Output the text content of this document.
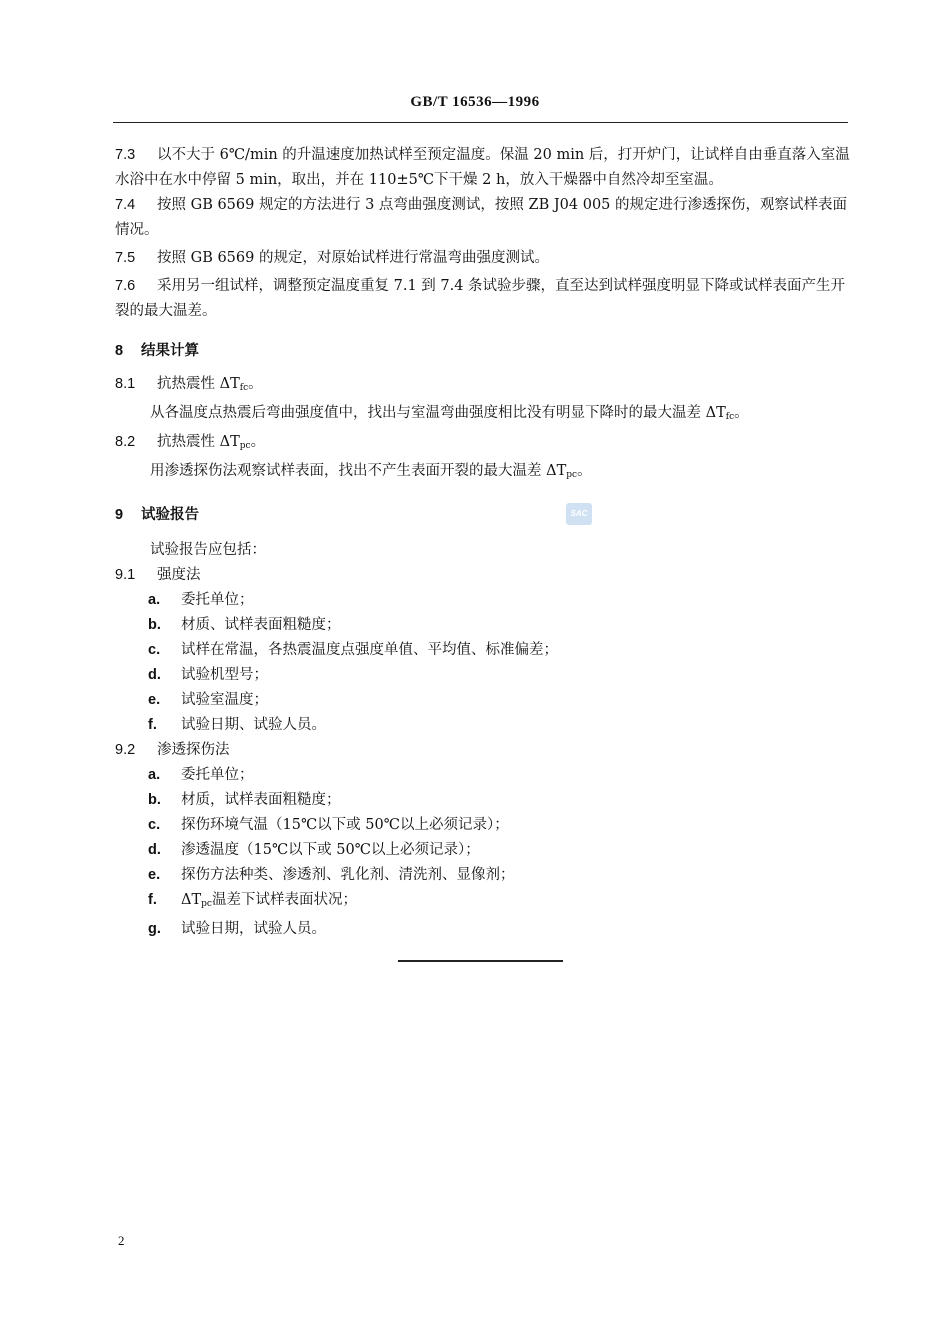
GB/T 16536—1996
7.3 以不大于 6℃/min 的升温速度加热试样至预定温度。保温 20 min 后，打开炉门，让试样自由垂直落入室温水浴中在水中停留 5 min，取出，并在 110±5℃下干燥 2 h，放入干燥器中自然冷却至室温。
7.4 按照 GB 6569 规定的方法进行 3 点弯曲强度测试，按照 ZB J04 005 的规定进行渗透探伤，观察试样表面情况。
7.5 按照 GB 6569 的规定，对原始试样进行常温弯曲强度测试。
7.6 采用另一组试样，调整预定温度重复 7.1 到 7.4 条试验步骤，直至达到试样强度明显下降或试样表面产生开裂的最大温差。
8 结果计算
8.1 抗热震性 $\Delta T_{fc}$。
从各温度点热震后弯曲强度值中，找出与室温弯曲强度相比没有明显下降时的最大温差 $\Delta T_{fc}$。
8.2 抗热震性 $\Delta T_{pc}$。
用渗透探伤法观察试样表面，找出不产生表面开裂的最大温差 $\Delta T_{pc}$。
9 试验报告
试验报告应包括：
9.1 强度法
a. 委托单位；
b. 材质、试样表面粗糙度；
c. 试样在常温，各热震温度点强度单值、平均值、标准偏差；
d. 试验机型号；
e. 试验室温度；
f. 试验日期、试验人员。
9.2 渗透探伤法
a. 委托单位；
b. 材质，试样表面粗糙度；
c. 探伤环境气温（15℃以下或 50℃以上必须记录）；
d. 渗透温度（15℃以下或 50℃以上必须记录）；
e. 探伤方法种类、渗透剂、乳化剂、清洗剂、显像剂；
f. $\Delta T_{pc}$温差下试样表面状况；
g. 试验日期，试验人员。
SAC
2
